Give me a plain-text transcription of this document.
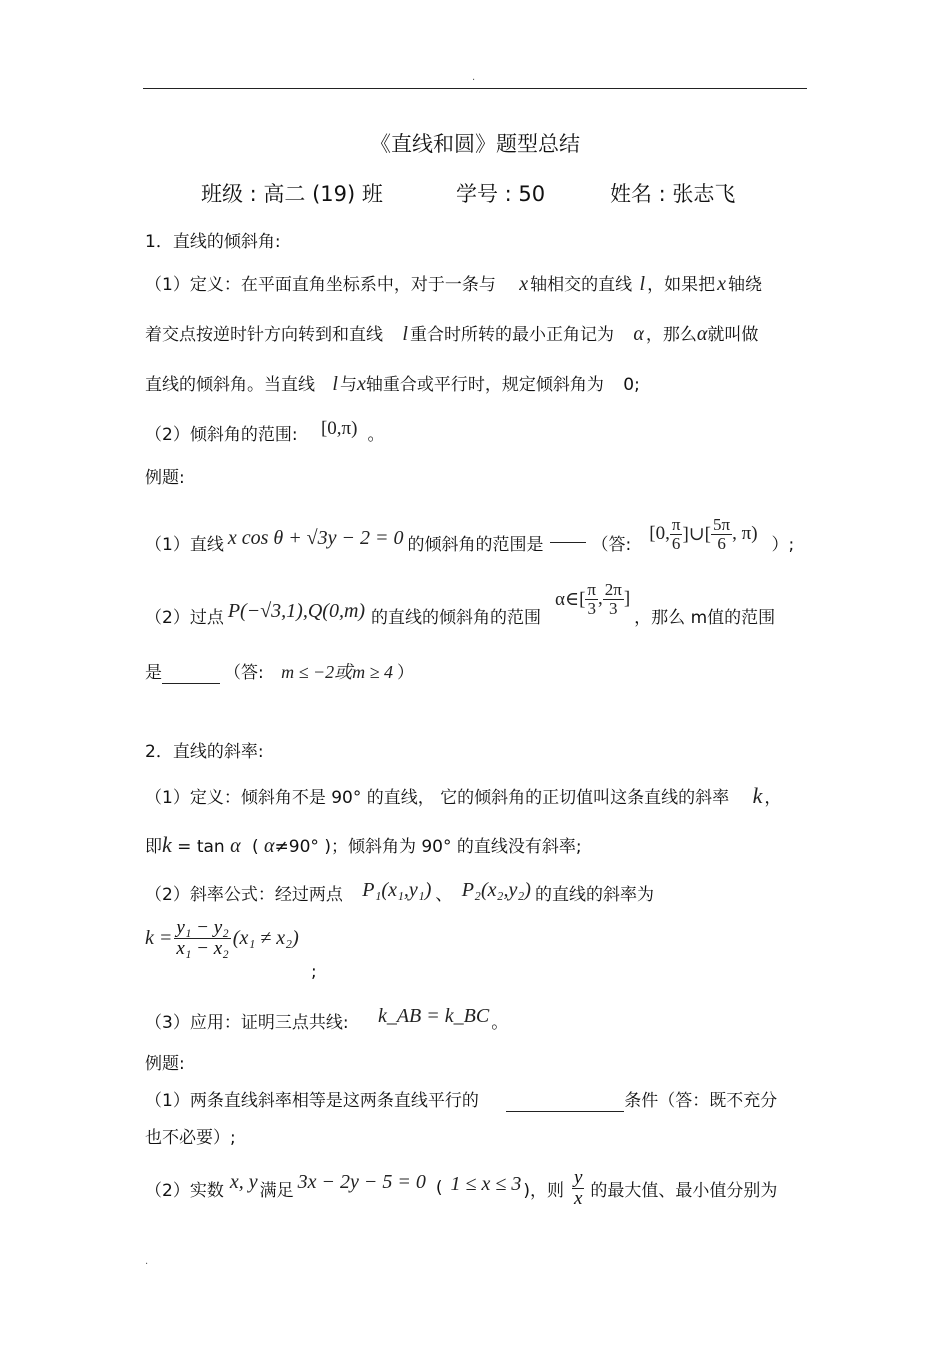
.
《直线和圆》题型总结
班级 : 高二 (19) 班	学号 : 50	姓名 : 张志飞
1．直线的倾斜角:
（1）定义：在平面直角坐标系中，对于一条与 x 轴相交的直线 l ，如果把 x 轴绕
着交点按逆时针方向转到和直线 l 重合时所转的最小正角记为 α ，那么α就叫做
直线的倾斜角。当直线 l 与x轴重合或平行时，规定倾斜角为 0;
（2）倾斜角的范围: [0,π) 。
例题:
（1）直线 x cos θ + √3y − 2 = 0 的倾斜角的范围是	（答:
[0, $\frac{\pi}{6}$ ]∪[ $\frac{5\pi}{6}$ , π)
）;
（2）过点 P(−√3,1),Q(0,m) 的直线的倾斜角的范围
α∈[ $\frac{\pi}{3}$ , $\frac{2\pi}{3}$ ]
，那么 m值的范围
是	（答: m ≤ −2或m ≥ 4 ）
2．直线的斜率:
（1）定义：倾斜角不是 90° 的直线， 它的倾斜角的正切值叫这条直线的斜率 k ，
即k = tan α ( α≠90° )；倾斜角为 90° 的直线没有斜率;
（2）斜率公式：经过两点 P₁(x₁,y₁) 、 P₂(x₂,y₂) 的直线的斜率为
$k = \frac{\text{y₁ − y₂}}{\text{x₁ − x₂}} (x_1 \ne x_2)$
;
（3）应用：证明三点共线: k_AB = k_BC 。
例题:
（1）两条直线斜率相等是这两条直线平行的	条件（答：既不充分
也不必要）;
（2）实数 x, y 满足 3x − 2y − 5 = 0 ( 1 ≤ x ≤ 3 )，则 $\frac{y}{x}$ 的最大值、最小值分别为
.
